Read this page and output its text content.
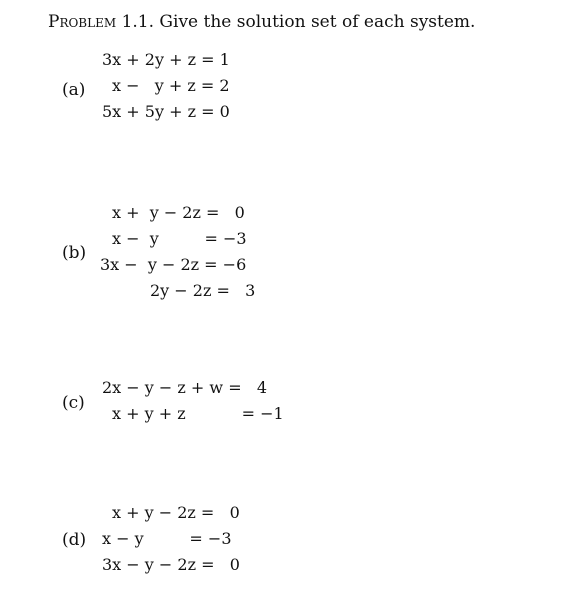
Problem 1.1. Give the solution set of each system.
(a)
3x + 2y + z = 1
x −   y + z = 2
5x + 5y + z = 0
(b)
x +  y − 2z =   0
x −  y         = −3
3x −  y − 2z = −6
2y − 2z =   3
(c)
2x − y − z + w =   4
x + y + z           = −1
(d)
x + y − 2z =   0
x − y         = −3
3x − y − 2z =   0
